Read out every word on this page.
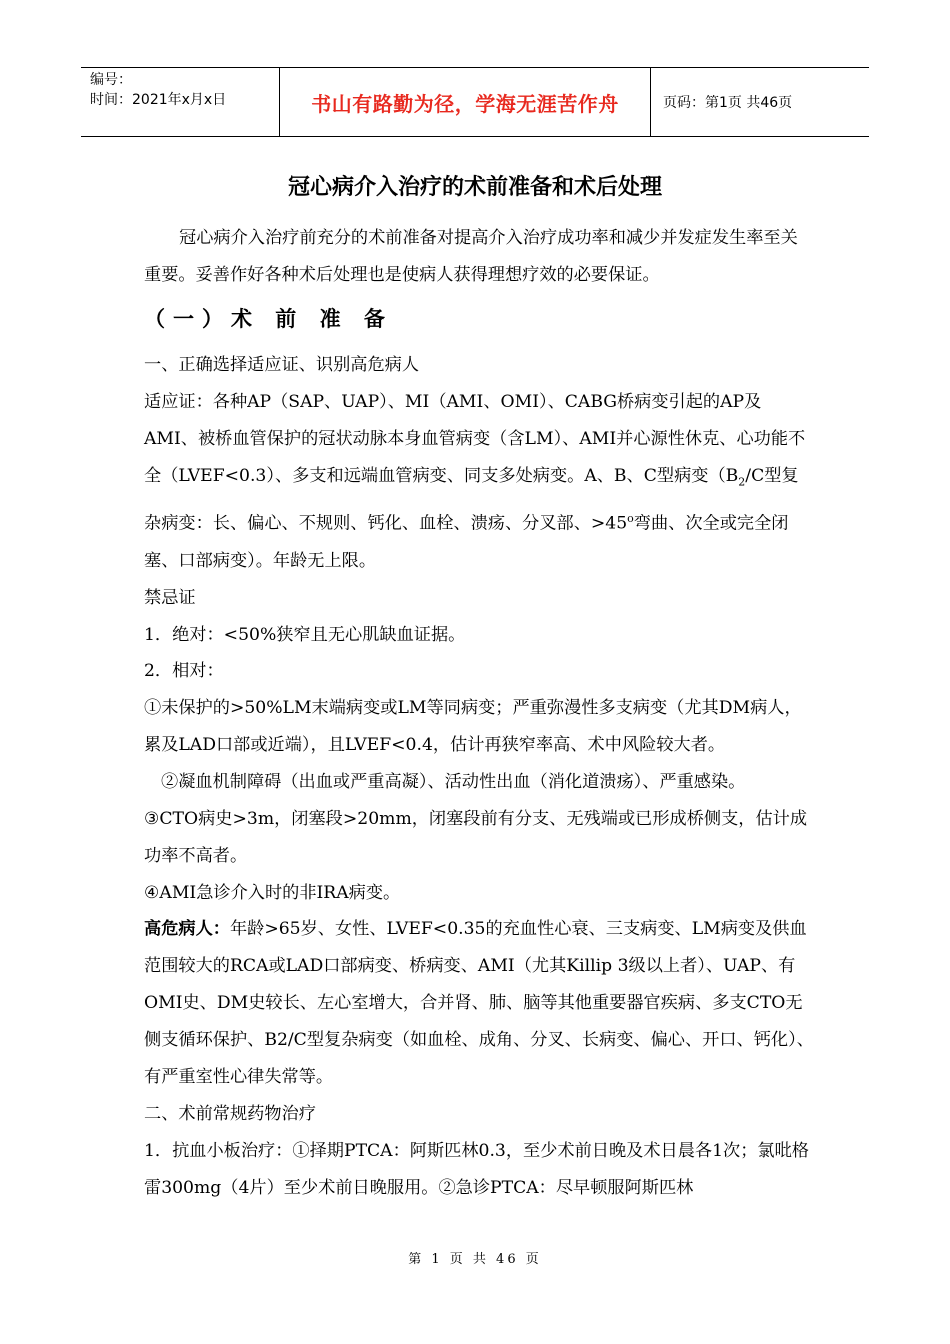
编号：
时间：2021年x月x日	书山有路勤为径，学海无涯苦作舟	页码：第1页 共46页
冠心病介入治疗的术前准备和术后处理

冠心病介入治疗前充分的术前准备对提高介入治疗成功率和减少并发症发生率至关重要。妥善作好各种术后处理也是使病人获得理想疗效的必要保证。

（一）术 前 准 备

一、正确选择适应证、识别高危病人

适应证：各种AP（SAP、UAP）、MI（AMI、OMI）、CABG桥病变引起的AP及AMI、被桥血管保护的冠状动脉本身血管病变（含LM）、AMI并心源性休克、心功能不全（LVEF<0.3）、多支和远端血管病变、同支多处病变。A、B、C型病变（$B_2/C$型复杂病变：长、偏心、不规则、钙化、血栓、溃疡、分叉部、$>45^o$弯曲、次全或完全闭塞、口部病变）。年龄无上限。

禁忌证

1．绝对：<50%狭窄且无心肌缺血证据。

2．相对：

①未保护的>50%LM末端病变或LM等同病变；严重弥漫性多支病变（尤其DM病人，累及LAD口部或近端），且LVEF<0.4，估计再狭窄率高、术中风险较大者。

②凝血机制障碍（出血或严重高凝）、活动性出血（消化道溃疡）、严重感染。

③CTO病史>3m，闭塞段>20mm，闭塞段前有分支、无残端或已形成桥侧支，估计成功率不高者。

④AMI急诊介入时的非IRA病变。

高危病人：年龄>65岁、女性、LVEF<0.35的充血性心衰、三支病变、LM病变及供血范围较大的RCA或LAD口部病变、桥病变、AMI（尤其Killip 3级以上者）、UAP、有OMI史、DM史较长、左心室增大，合并肾、肺、脑等其他重要器官疾病、多支CTO无侧支循环保护、B2/C型复杂病变（如血栓、成角、分叉、长病变、偏心、开口、钙化）、有严重室性心律失常等。

二、术前常规药物治疗

1．抗血小板治疗：①择期PTCA：阿斯匹林0.3，至少术前日晚及术日晨各1次；氯吡格雷300mg（4片）至少术前日晚服用。②急诊PTCA：尽早顿服阿斯匹林

第 1 页 共 46 页
